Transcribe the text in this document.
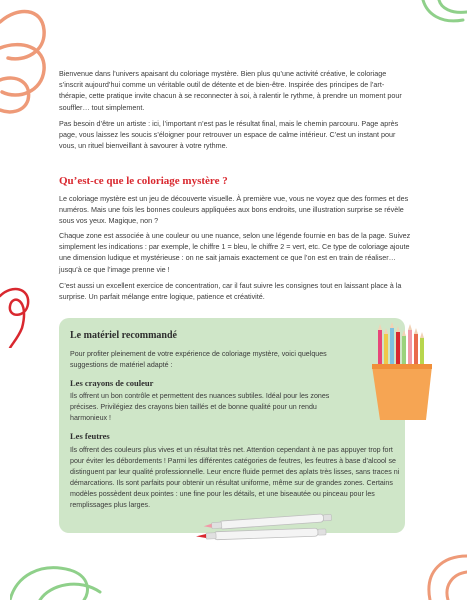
Bienvenue dans l’univers apaisant du coloriage mystère. Bien plus qu’une activité créative, le coloriage s’inscrit aujourd’hui comme un véritable outil de détente et de bien-être. Inspirée des principes de l’art-thérapie, cette pratique invite chacun à se reconnecter à soi, à ralentir le rythme, à prendre un moment pour souffler… tout simplement.

Pas besoin d’être un artiste : ici, l’important n’est pas le résultat final, mais le chemin parcouru. Page après page, vous laissez les soucis s’éloigner pour retrouver un espace de calme intérieur. C’est un instant pour vous, un rituel bienveillant à savourer à votre rythme.

Qu’est-ce que le coloriage mystère ?

Le coloriage mystère est un jeu de découverte visuelle. À première vue, vous ne voyez que des formes et des numéros. Mais une fois les bonnes couleurs appliquées aux bons endroits, une illustration surprise se révèle sous vos yeux. Magique, non ?

Chaque zone est associée à une couleur ou une nuance, selon une légende fournie en bas de la page. Suivez simplement les indications : par exemple, le chiffre 1 = bleu, le chiffre 2 = vert, etc. Ce type de coloriage ajoute une dimension ludique et mystérieuse : on ne sait jamais exactement ce que l’on est en train de réaliser… jusqu’à ce que l’image prenne vie !

C’est aussi un excellent exercice de concentration, car il faut suivre les consignes tout en laissant place à la surprise. Un parfait mélange entre logique, patience et créativité.

Le matériel recommandé

Pour profiter pleinement de votre expérience de coloriage mystère, voici quelques suggestions de matériel adapté :

Les crayons de couleur

Ils offrent un bon contrôle et permettent des nuances subtiles. Idéal pour les zones précises. Privilégiez des crayons bien taillés et de bonne qualité pour un rendu harmonieux !

Les feutres

Ils offrent des couleurs plus vives et un résultat très net. Attention cependant à ne pas appuyer trop fort pour éviter les débordements ! Parmi les différentes catégories de feutres, les feutres à base d’alcool se distinguent par leur qualité professionnelle. Leur encre fluide permet des aplats très lisses, sans traces ni démarcations. Ils sont parfaits pour obtenir un résultat uniforme, même sur de grandes zones. Certains modèles possèdent deux pointes : une fine pour les détails, et une biseautée ou pinceau pour les remplissages plus larges.
